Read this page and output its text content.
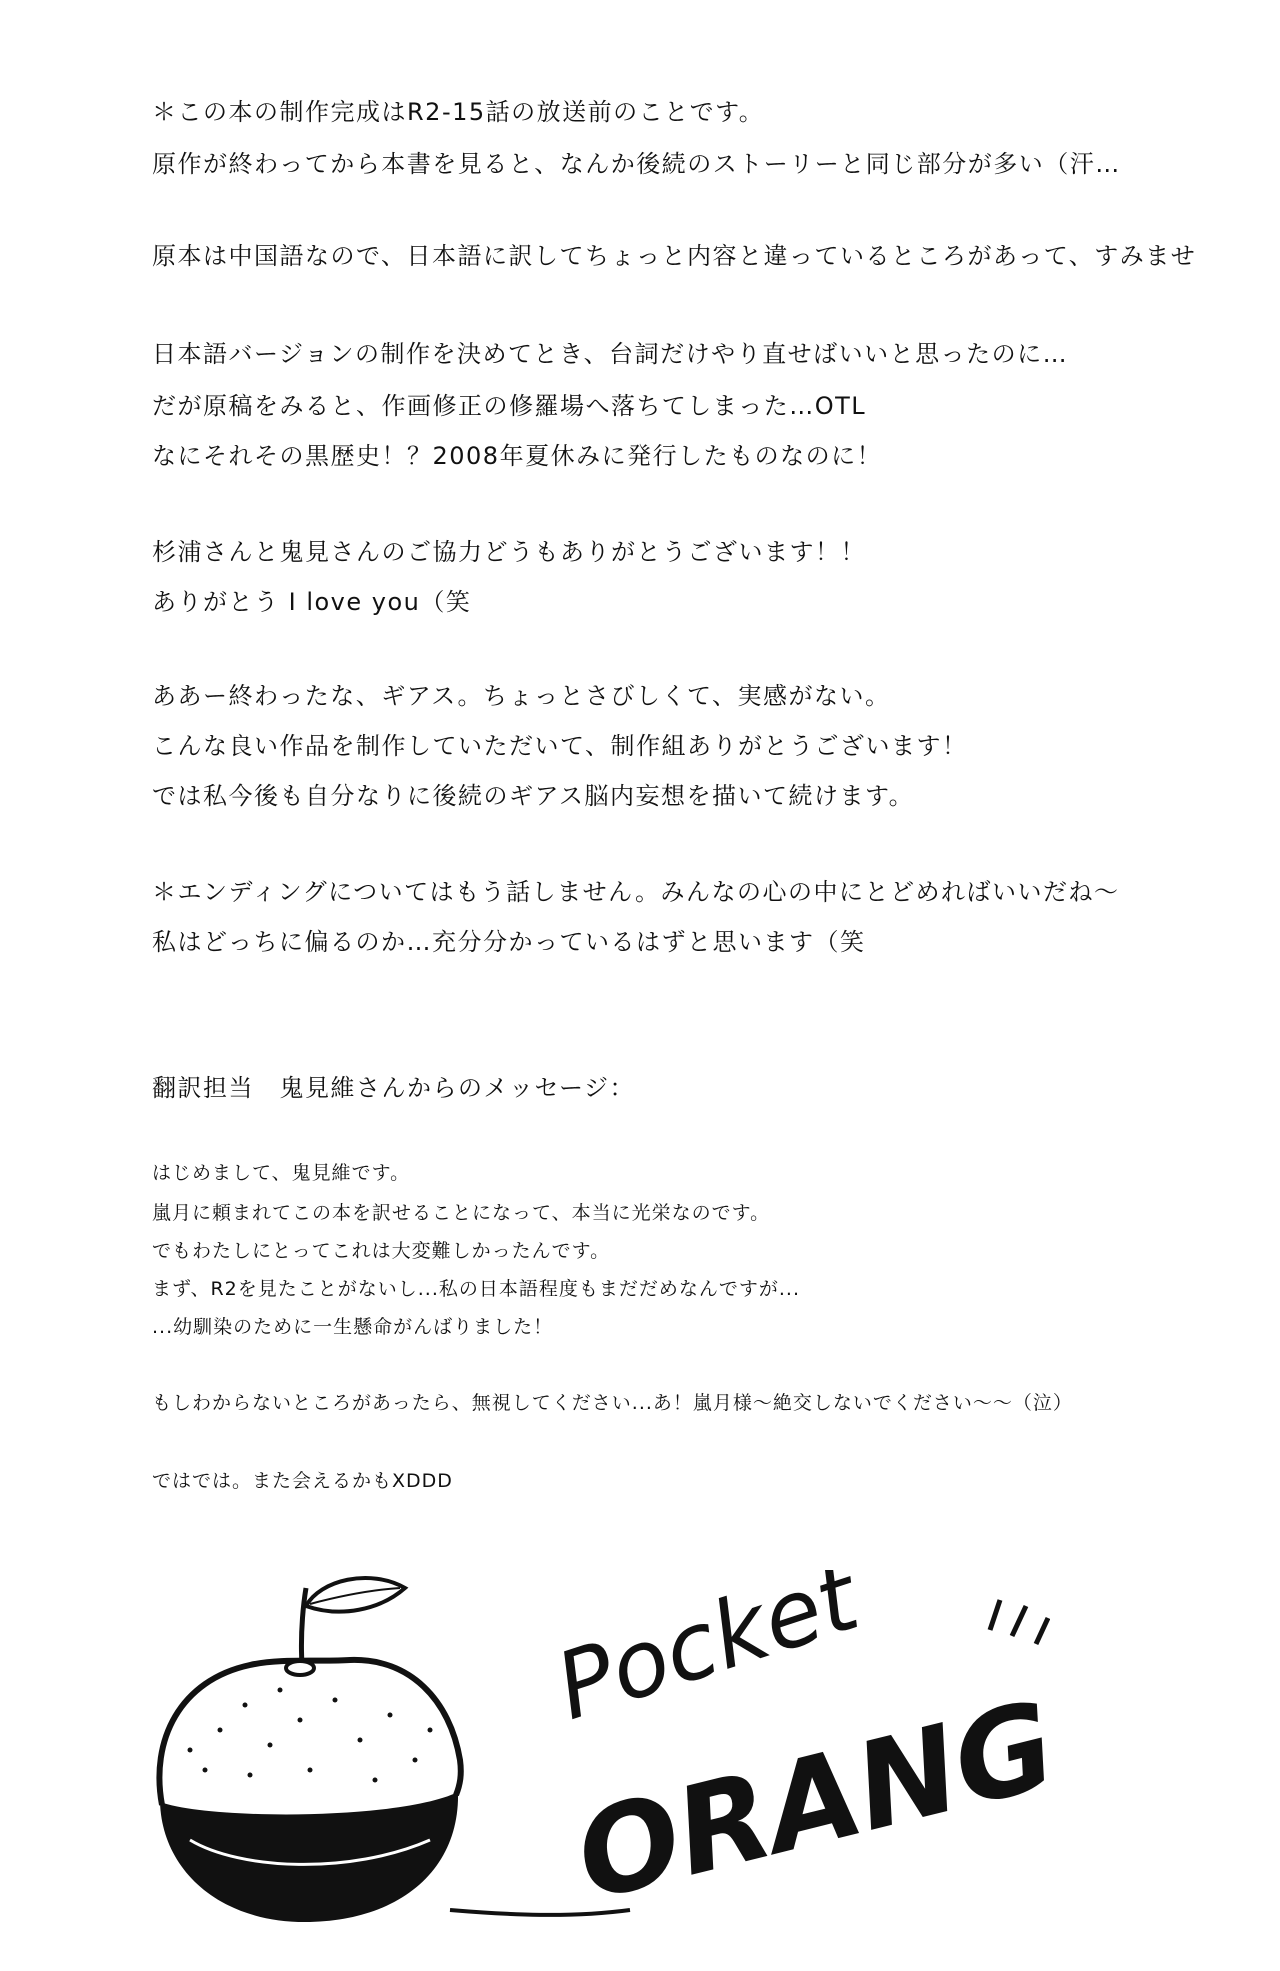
＊この本の制作完成はR2-15話の放送前のことです。
原作が終わってから本書を見ると、なんか後続のストーリーと同じ部分が多い（汗…
原本は中国語なので、日本語に訳してちょっと内容と違っているところがあって、すみませ
日本語バージョンの制作を決めてとき、台詞だけやり直せばいいと思ったのに…
だが原稿をみると、作画修正の修羅場へ落ちてしまった…OTL
なにそれその黒歴史！？2008年夏休みに発行したものなのに！
杉浦さんと鬼見さんのご協力どうもありがとうございます！！
ありがとう I love you（笑
ああー終わったな、ギアス。ちょっとさびしくて、実感がない。
こんな良い作品を制作していただいて、制作組ありがとうございます！
では私今後も自分なりに後続のギアス脳内妄想を描いて続けます。
＊エンディングについてはもう話しません。みんなの心の中にとどめればいいだね～
私はどっちに偏るのか…充分分かっているはずと思います（笑
翻訳担当　鬼見維さんからのメッセージ：
はじめまして、鬼見維です。
嵐月に頼まれてこの本を訳せることになって、本当に光栄なのです。
でもわたしにとってこれは大変難しかったんです。
まず、R2を見たことがないし...私の日本語程度もまだだめなんですが...
...幼馴染のために一生懸命がんばりました！
もしわからないところがあったら、無視してください...あ！嵐月様～絶交しないでください～～（泣）
ではでは。また会えるかもXDDD
Pocket
ORANGE
